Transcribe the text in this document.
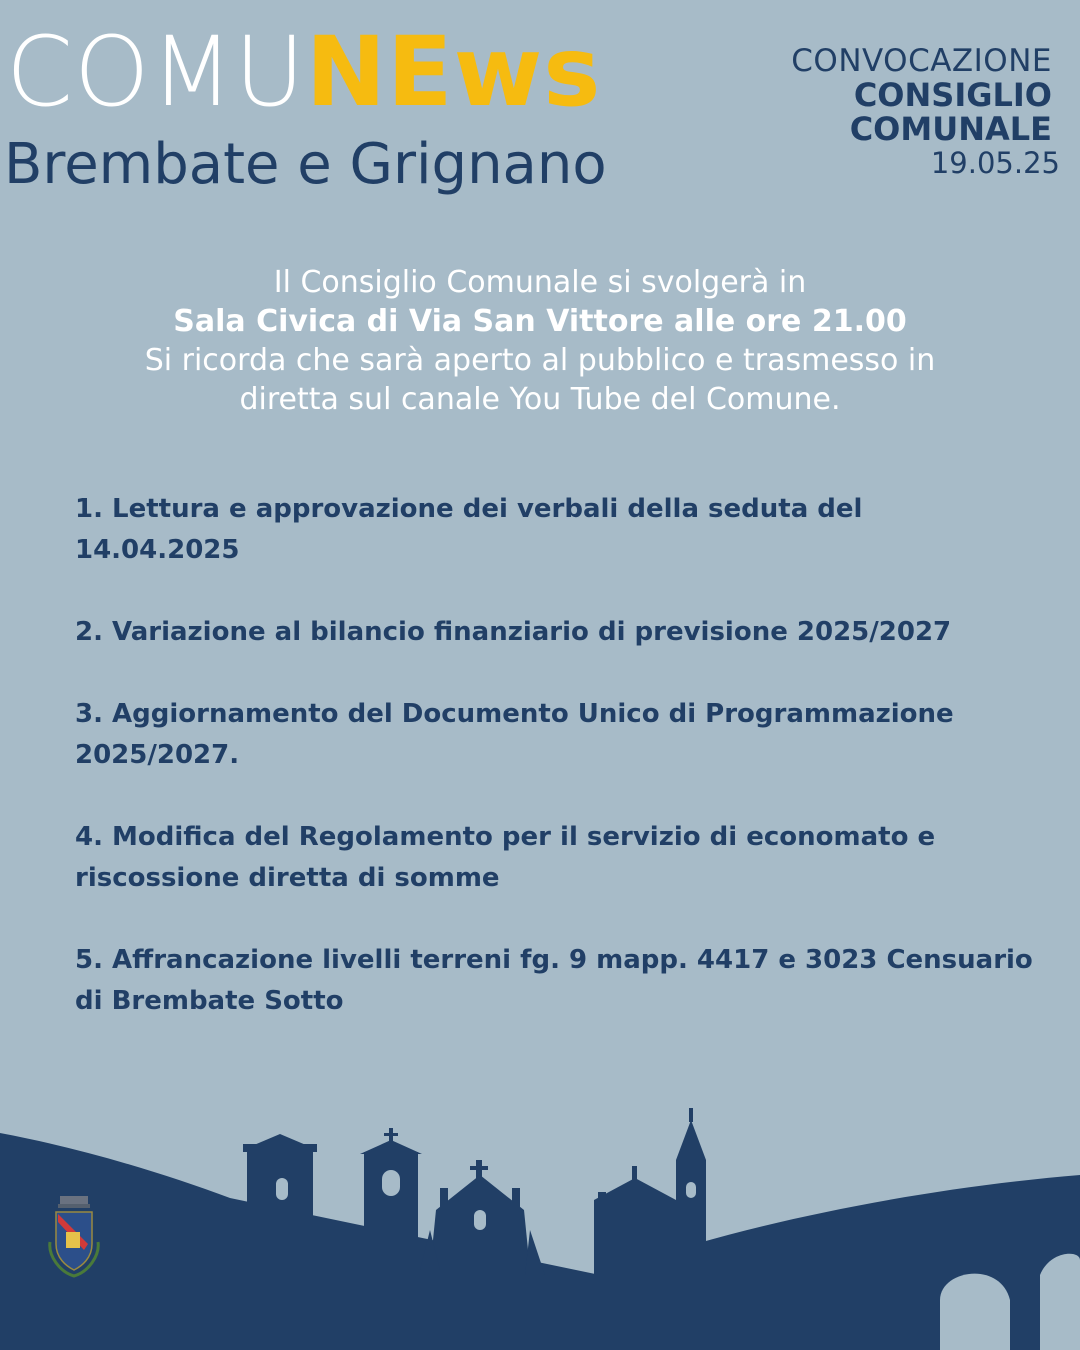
COMUNEws
Brembate e Grignano
CONVOCAZIONE
CONSIGLIO
COMUNALE
19.05.25
Il Consiglio Comunale si svolgerà in
Sala Civica di Via San Vittore alle ore 21.00
Si ricorda che sarà aperto al pubblico e trasmesso in
diretta sul canale You Tube del Comune.
1. Lettura e approvazione dei verbali della seduta del 14.04.2025
2. Variazione al bilancio finanziario di previsione 2025/2027
3. Aggiornamento del Documento Unico di Programmazione 2025/2027.
4. Modifica del Regolamento per il servizio di economato e riscossione diretta di somme
5. Affrancazione livelli terreni fg. 9 mapp. 4417 e 3023 Censuario di Brembate Sotto
